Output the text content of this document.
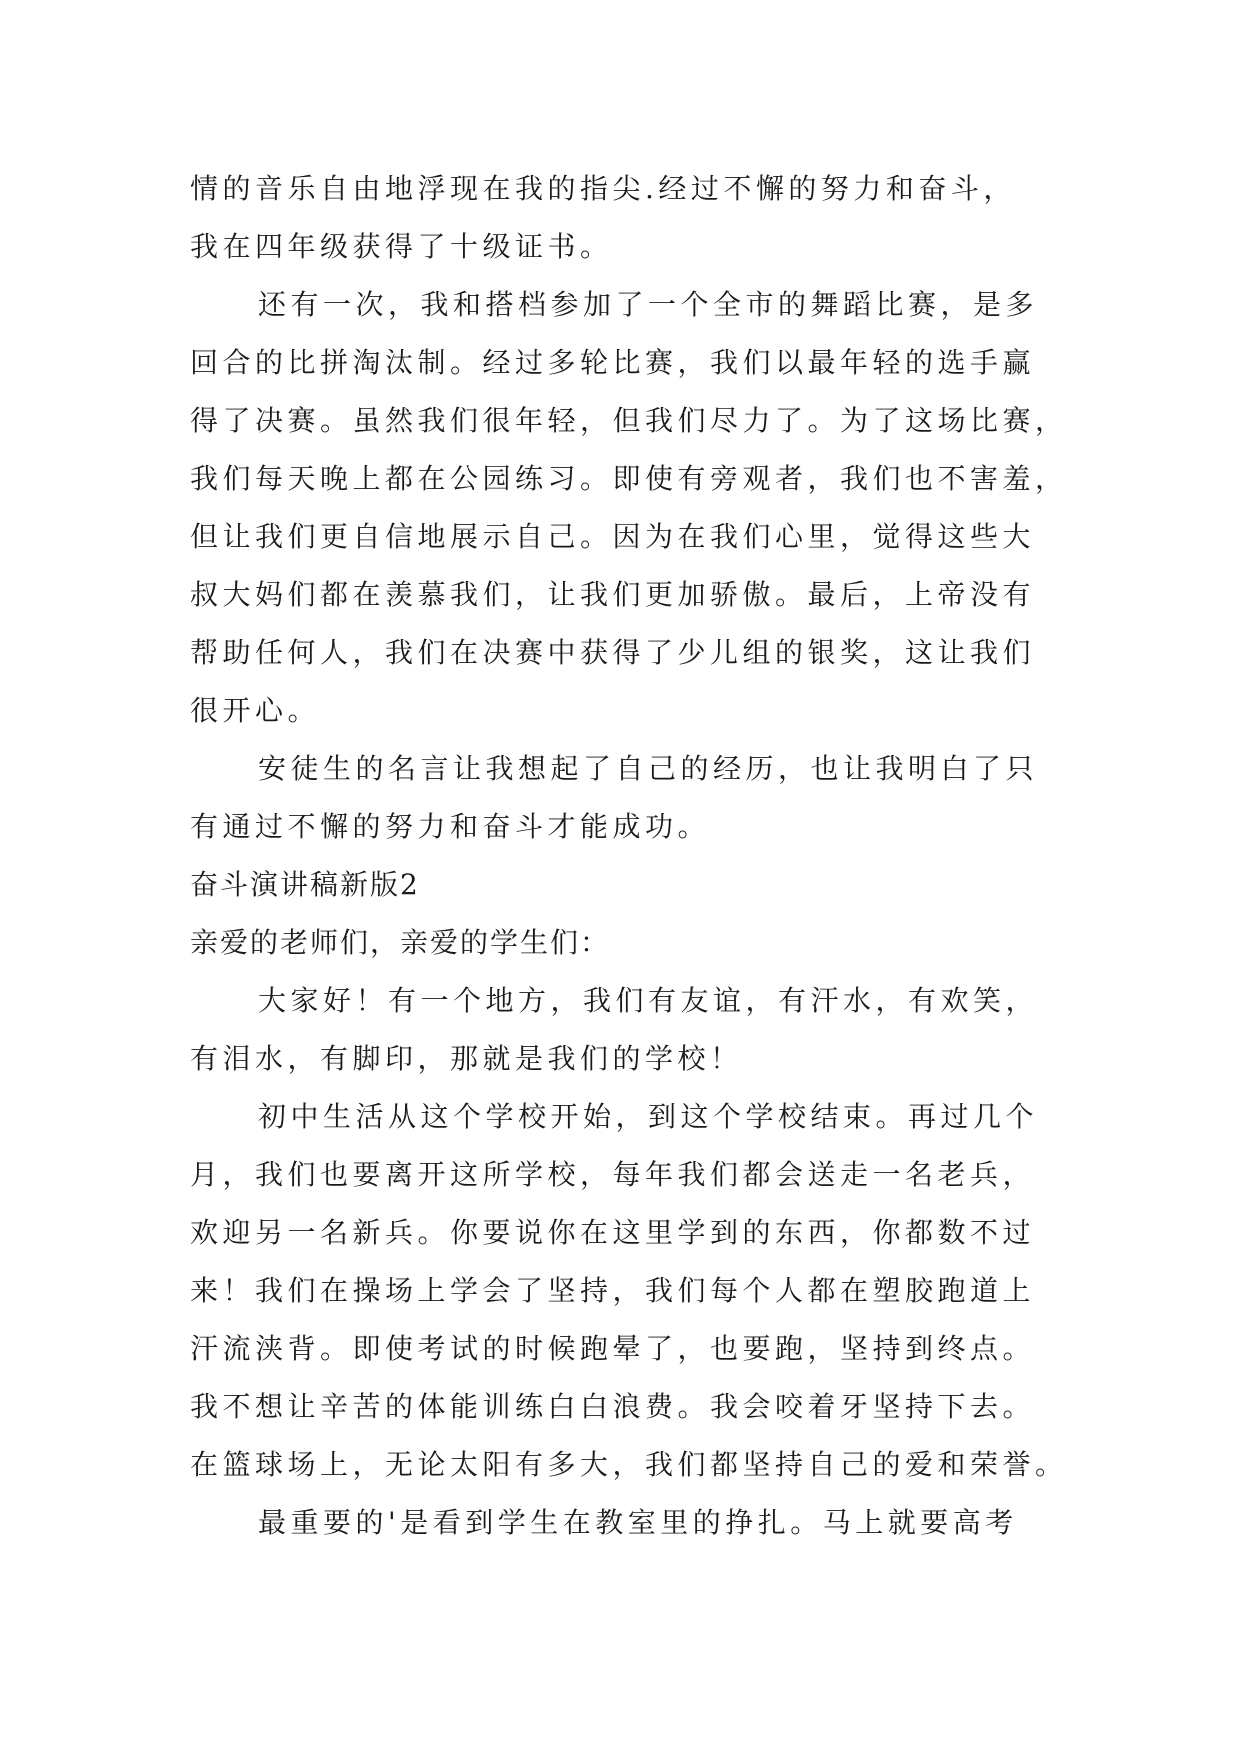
情的音乐自由地浮现在我的指尖.经过不懈的努力和奋斗，
我在四年级获得了十级证书。
还有一次，我和搭档参加了一个全市的舞蹈比赛，是多
回合的比拼淘汰制。经过多轮比赛，我们以最年轻的选手赢
得了决赛。虽然我们很年轻，但我们尽力了。为了这场比赛，
我们每天晚上都在公园练习。即使有旁观者，我们也不害羞，
但让我们更自信地展示自己。因为在我们心里，觉得这些大
叔大妈们都在羡慕我们，让我们更加骄傲。最后，上帝没有
帮助任何人，我们在决赛中获得了少儿组的银奖，这让我们
很开心。
安徒生的名言让我想起了自己的经历，也让我明白了只
有通过不懈的努力和奋斗才能成功。
奋斗演讲稿新版2
亲爱的老师们，亲爱的学生们：
大家好！有一个地方，我们有友谊，有汗水，有欢笑，
有泪水，有脚印，那就是我们的学校！
初中生活从这个学校开始，到这个学校结束。再过几个
月，我们也要离开这所学校，每年我们都会送走一名老兵，
欢迎另一名新兵。你要说你在这里学到的东西，你都数不过
来！我们在操场上学会了坚持，我们每个人都在塑胶跑道上
汗流浃背。即使考试的时候跑晕了，也要跑，坚持到终点。
我不想让辛苦的体能训练白白浪费。我会咬着牙坚持下去。
在篮球场上，无论太阳有多大，我们都坚持自己的爱和荣誉。
最重要的'是看到学生在教室里的挣扎。马上就要高考
